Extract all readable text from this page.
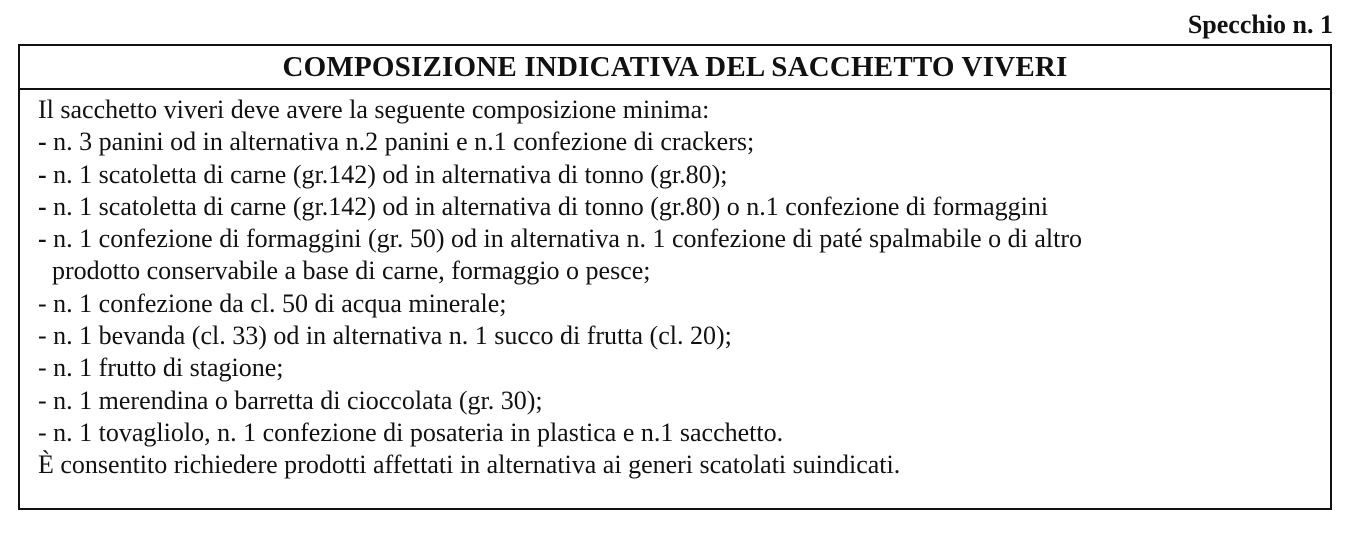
Specchio n. 1
COMPOSIZIONE INDICATIVA DEL SACCHETTO VIVERI
Il sacchetto viveri deve avere la seguente composizione minima:
- n. 3 panini od in alternativa n.2 panini e n.1 confezione di crackers;
- n. 1 scatoletta di carne (gr.142) od in alternativa di tonno (gr.80);
- n. 1 scatoletta di carne (gr.142) od in alternativa di tonno (gr.80) o n.1 confezione di formaggini
- n. 1 confezione di formaggini (gr. 50) od in alternativa n. 1 confezione di paté spalmabile o di altro
prodotto conservabile a base di carne, formaggio o pesce;
- n. 1 confezione da cl. 50 di acqua minerale;
- n. 1 bevanda (cl. 33) od in alternativa n. 1 succo di frutta (cl. 20);
- n. 1 frutto di stagione;
- n. 1 merendina o barretta di cioccolata (gr. 30);
- n. 1 tovagliolo, n. 1 confezione di posateria in plastica e n.1 sacchetto.
È consentito richiedere prodotti affettati in alternativa ai generi scatolati suindicati.
